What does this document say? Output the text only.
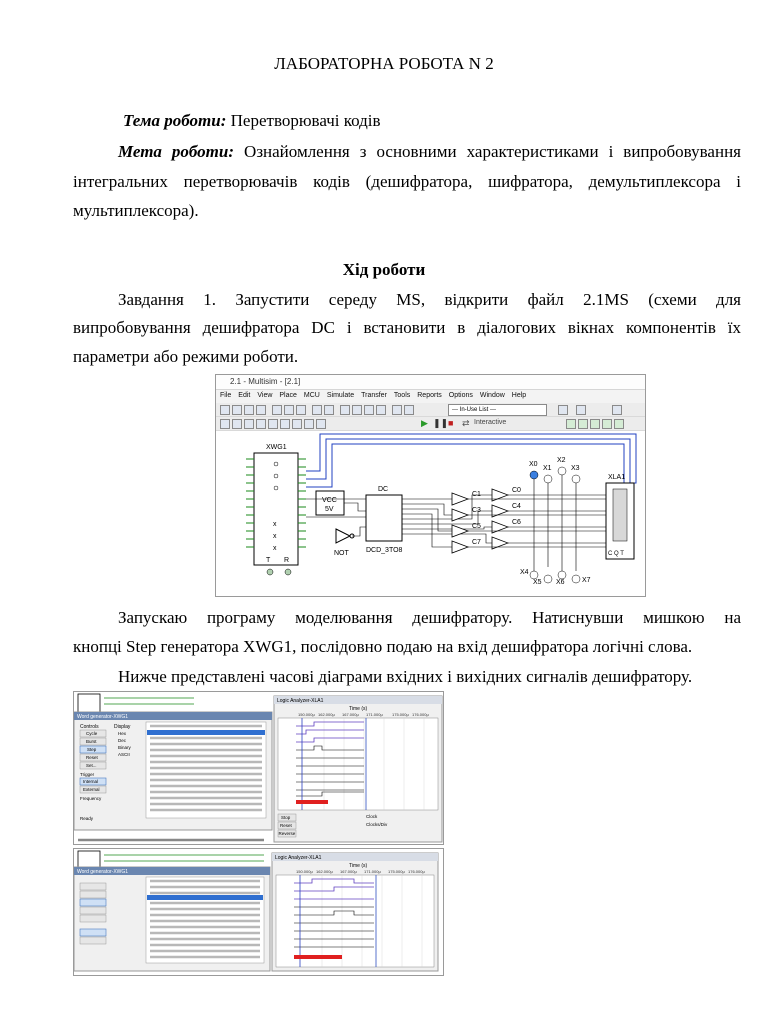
ЛАБОРАТОРНА РОБОТА N 2
Тема роботи: Перетворювачі кодів
Мета роботи: Ознайомлення з основними характеристиками і випробовування
інтегральних перетворювачів кодів (дешифратора, шифратора, демультиплексора і
мультиплексора).
Хід роботи
Завдання 1. Запустити середу MS, відкрити файл 2.1MS (схеми для
випробовування дешифратора DC і встановити в діалогових вікнах компонентів їх
параметри або режими роботи.
2.1 - Multisim - [2.1]
File Edit View Place MCU Simulate Transfer Tools Reports Options Window Help
--- In-Use List ---
▶ ❚❚ ■ ⇄ Interactive
XWG1
x
x
x
T R
VCC
5V
NOT
DC
DCD_3TO8
C1
C3
C5
C7
C0
C4
C6
X0
X1
X2
X3
X4
X5 X6 X7
XLA1
C Q T
Запускаю програму моделювання дешифратору. Натиснувши мишкою на
кнопці Step генератора XWG1, послідовно подаю на вхід дешифратора логічні слова.
Нижче представлені часові діаграми вхідних і вихідних сигналів дешифратору.
Word generator-XWG1
Controls	Display
Cycle
Burst
Step
Reset
Set...
Hex
Dec
Binary
ASCII
Trigger
Internal
External
Frequency
Ready
Logic Analyzer-XLA1
Time (s)
150.000μ 162.000μ 167.000μ 171.000μ 175.000μ 176.000μ
Stop
Reset
Reverse
Clock
Clocks/Div
Word generator-XWG1
Logic Analyzer-XLA1
Time (s)
150.000μ 162.000μ 167.000μ 171.000μ 175.000μ 176.000μ
